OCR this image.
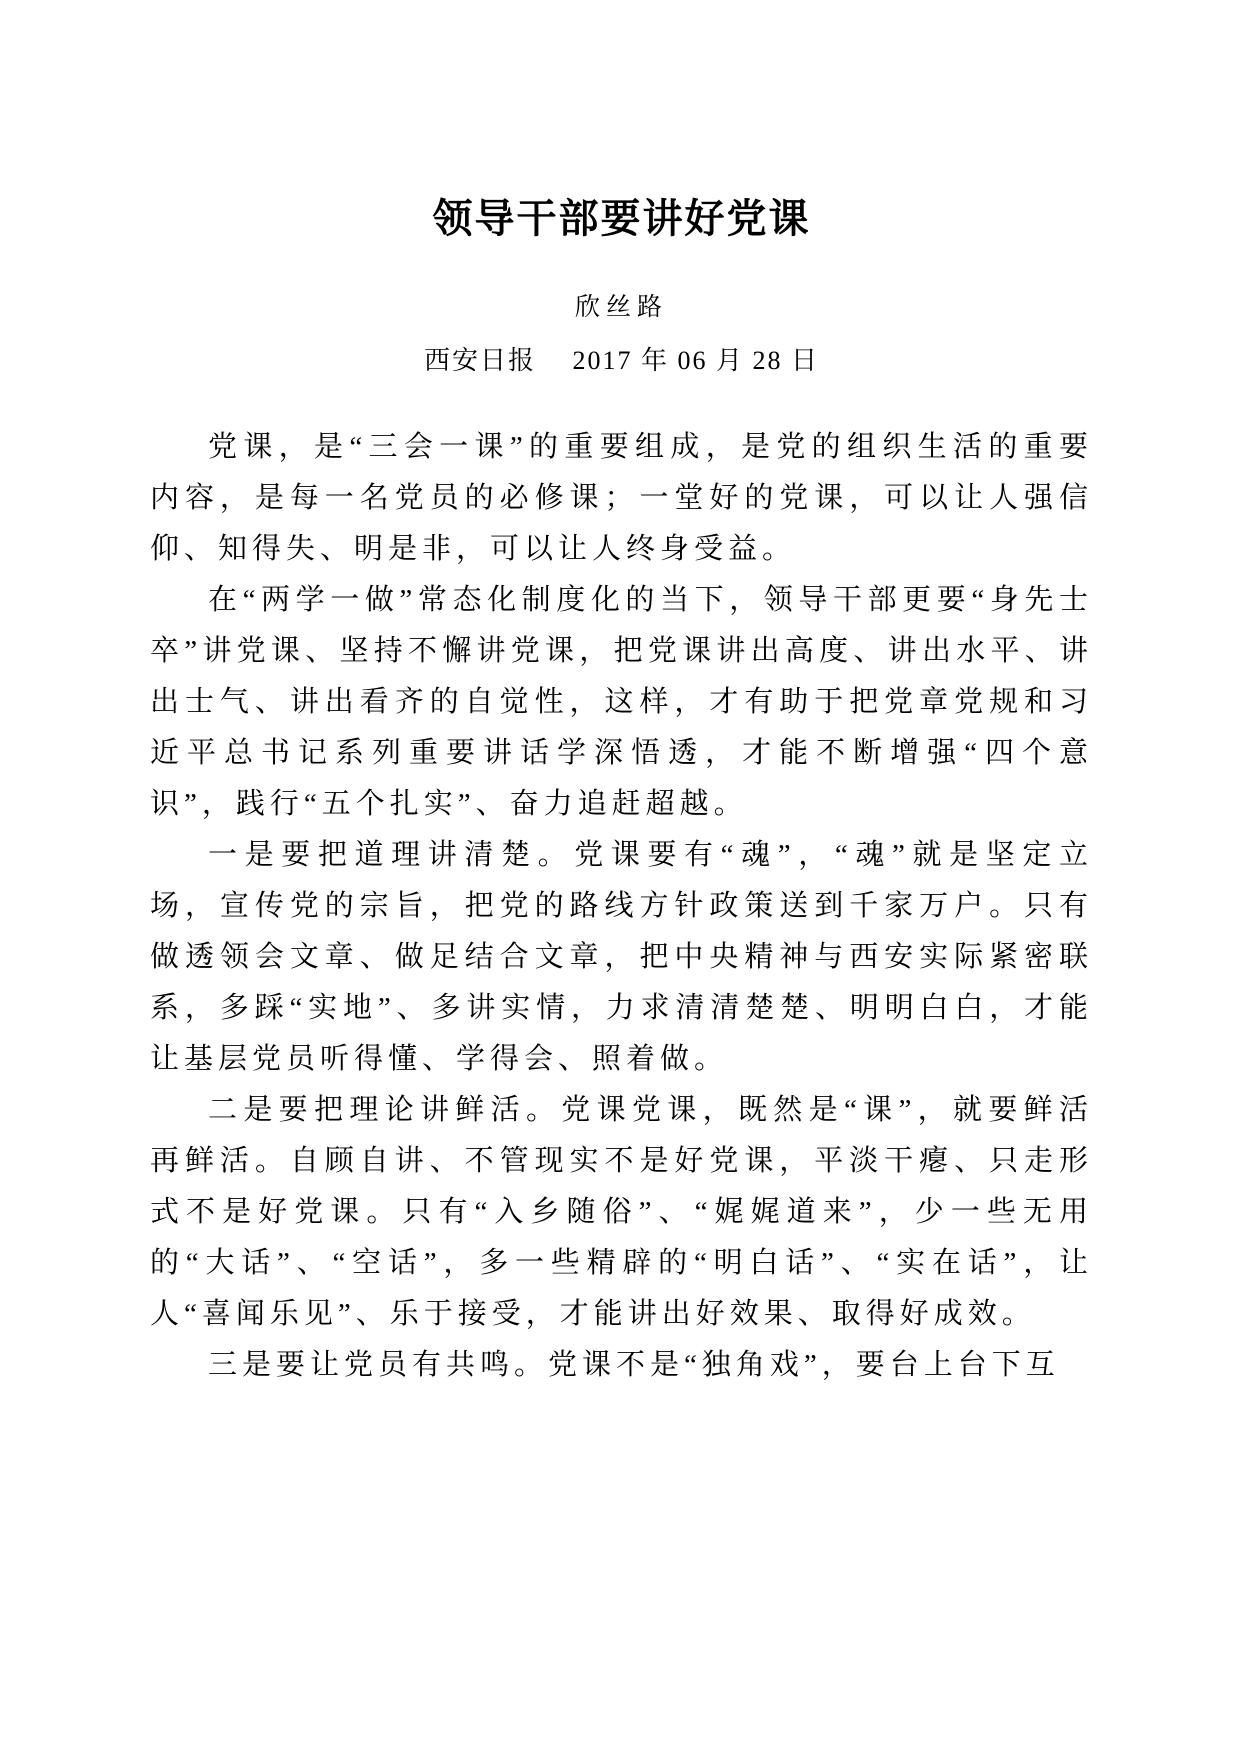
领导干部要讲好党课
欣丝路
西安日报　 2017 年 06 月 28 日

党课，是“三会一课”的重要组成，是党的组织生活的重要内容，是每一名党员的必修课；一堂好的党课，可以让人强信仰、知得失、明是非，可以让人终身受益。

在“两学一做”常态化制度化的当下，领导干部更要“身先士卒”讲党课、坚持不懈讲党课，把党课讲出高度、讲出水平、讲出士气、讲出看齐的自觉性，这样，才有助于把党章党规和习近平总书记系列重要讲话学深悟透，才能不断增强“四个意识”，践行“五个扎实”、奋力追赶超越。

一是要把道理讲清楚。党课要有“魂”，“魂”就是坚定立场，宣传党的宗旨，把党的路线方针政策送到千家万户。只有做透领会文章、做足结合文章，把中央精神与西安实际紧密联系，多踩“实地”、多讲实情，力求清清楚楚、明明白白，才能让基层党员听得懂、学得会、照着做。

二是要把理论讲鲜活。党课党课，既然是“课”，就要鲜活再鲜活。自顾自讲、不管现实不是好党课，平淡干瘪、只走形式不是好党课。只有“入乡随俗”、“娓娓道来”，少一些无用的“大话”、“空话”，多一些精辟的“明白话”、“实在话”，让人“喜闻乐见”、乐于接受，才能讲出好效果、取得好成效。

三是要让党员有共鸣。党课不是“独角戏”，要台上台下互
